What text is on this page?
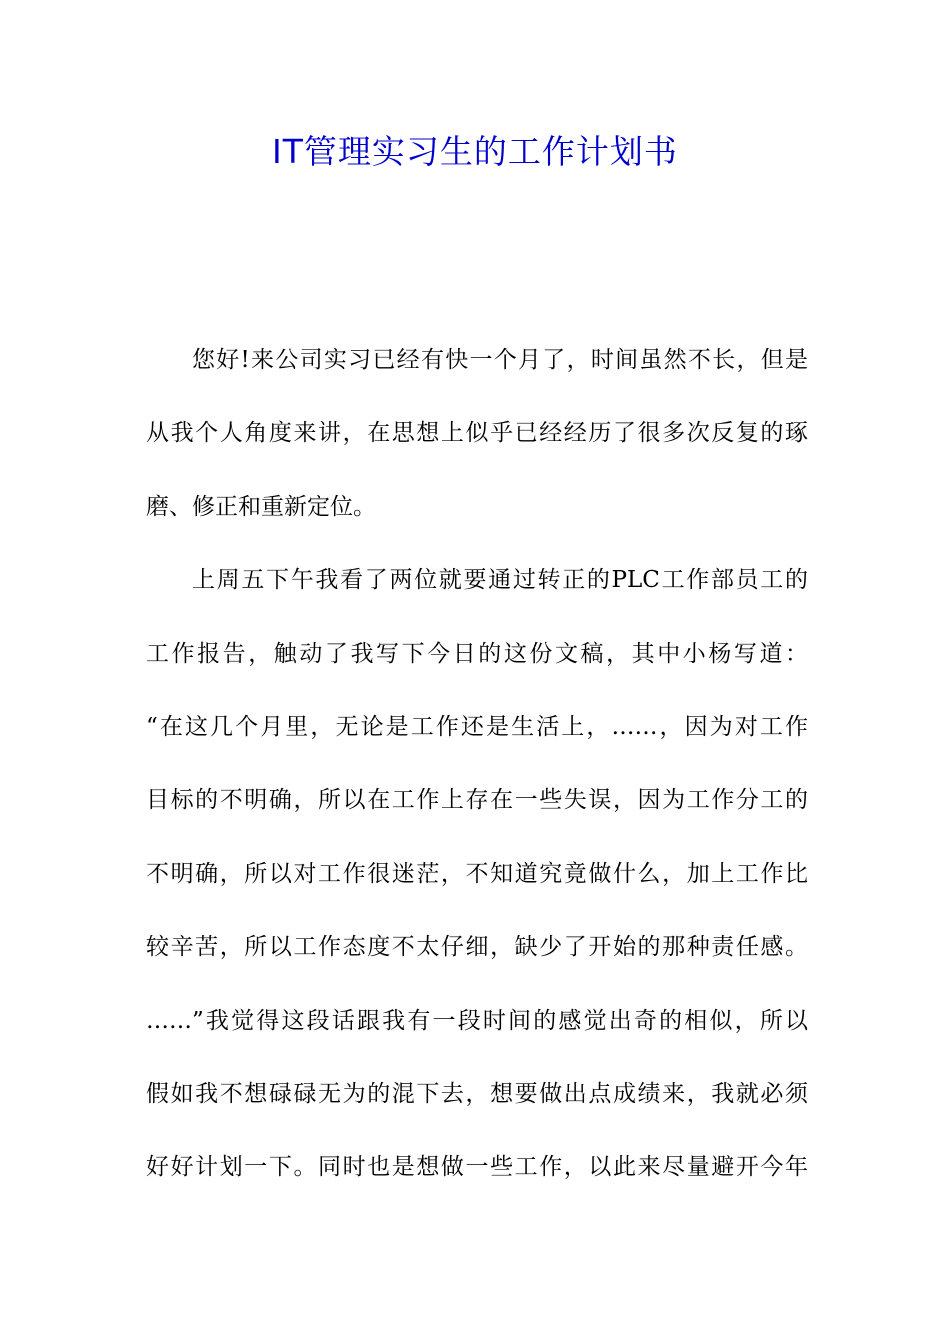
IT管理实习生的工作计划书
您好!来公司实习已经有快一个月了，时间虽然不长，但是
从我个人角度来讲，在思想上似乎已经经历了很多次反复的琢
磨、修正和重新定位。
上周五下午我看了两位就要通过转正的PLC工作部员工的
工作报告，触动了我写下今日的这份文稿，其中小杨写道：
“在这几个月里，无论是工作还是生活上，……，因为对工作
目标的不明确，所以在工作上存在一些失误，因为工作分工的
不明确，所以对工作很迷茫，不知道究竟做什么，加上工作比
较辛苦，所以工作态度不太仔细，缺少了开始的那种责任感。
……”我觉得这段话跟我有一段时间的感觉出奇的相似，所以
假如我不想碌碌无为的混下去，想要做出点成绩来，我就必须
好好计划一下。同时也是想做一些工作，以此来尽量避开今年
